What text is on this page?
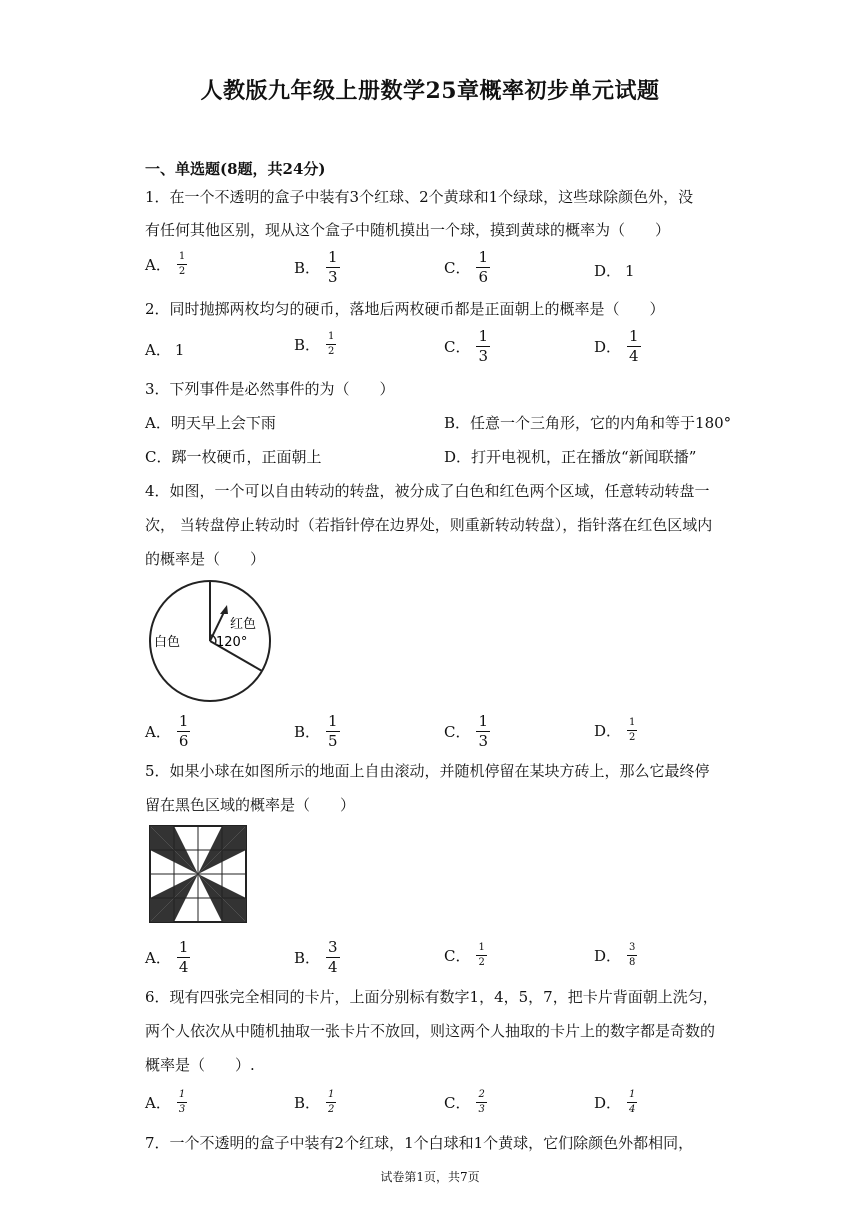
人教版九年级上册数学25章概率初步单元试题
一、单选题(8题，共24分)
1．在一个不透明的盒子中装有3个红球、2个黄球和1个绿球，这些球除颜色外，没
有任何其他区别，现从这个盒子中随机摸出一个球，摸到黄球的概率为（　　）
A． $\frac{1}{2}$	B． $\frac{1}{3}$	C． $\frac{1}{6}$	D． 1
2．同时抛掷两枚均匀的硬币，落地后两枚硬币都是正面朝上的概率是（　　）
A． 1	B． $\frac{1}{2}$	C． $\frac{1}{3}$	D． $\frac{1}{4}$
3．下列事件是必然事件的为（　　）
A．明天早上会下雨	B．任意一个三角形，它的内角和等于180°
C．踯一枚硬币，正面朝上	D．打开电视机，正在播放“新闻联播”
4．如图，一个可以自由转动的转盘，被分成了白色和红色两个区域，任意转动转盘一
次， 当转盘停止转动时（若指针停在边界处，则重新转动转盘），指针落在红色区域内
的概率是（　　）
白色
红色
120°
A． $\frac{1}{6}$	B． $\frac{1}{5}$	C． $\frac{1}{3}$	D． $\frac{1}{2}$
5．如果小球在如图所示的地面上自由滚动，并随机停留在某块方砖上，那么它最终停
留在黑色区域的概率是（　　）
A． $\frac{1}{4}$	B． $\frac{3}{4}$	C． $\frac{1}{2}$	D． $\frac{3}{8}$
6．现有四张完全相同的卡片，上面分别标有数字1，4，5，7，把卡片背面朝上洗匀，
两个人依次从中随机抽取一张卡片不放回，则这两个人抽取的卡片上的数字都是奇数的
概率是（　　）.
A． $\frac{1}{3}$	B． $\frac{1}{2}$	C． $\frac{2}{3}$	D． $\frac{1}{4}$
7．一个不透明的盒子中装有2个红球，1个白球和1个黄球，它们除颜色外都相同，
试卷第1页，共7页
